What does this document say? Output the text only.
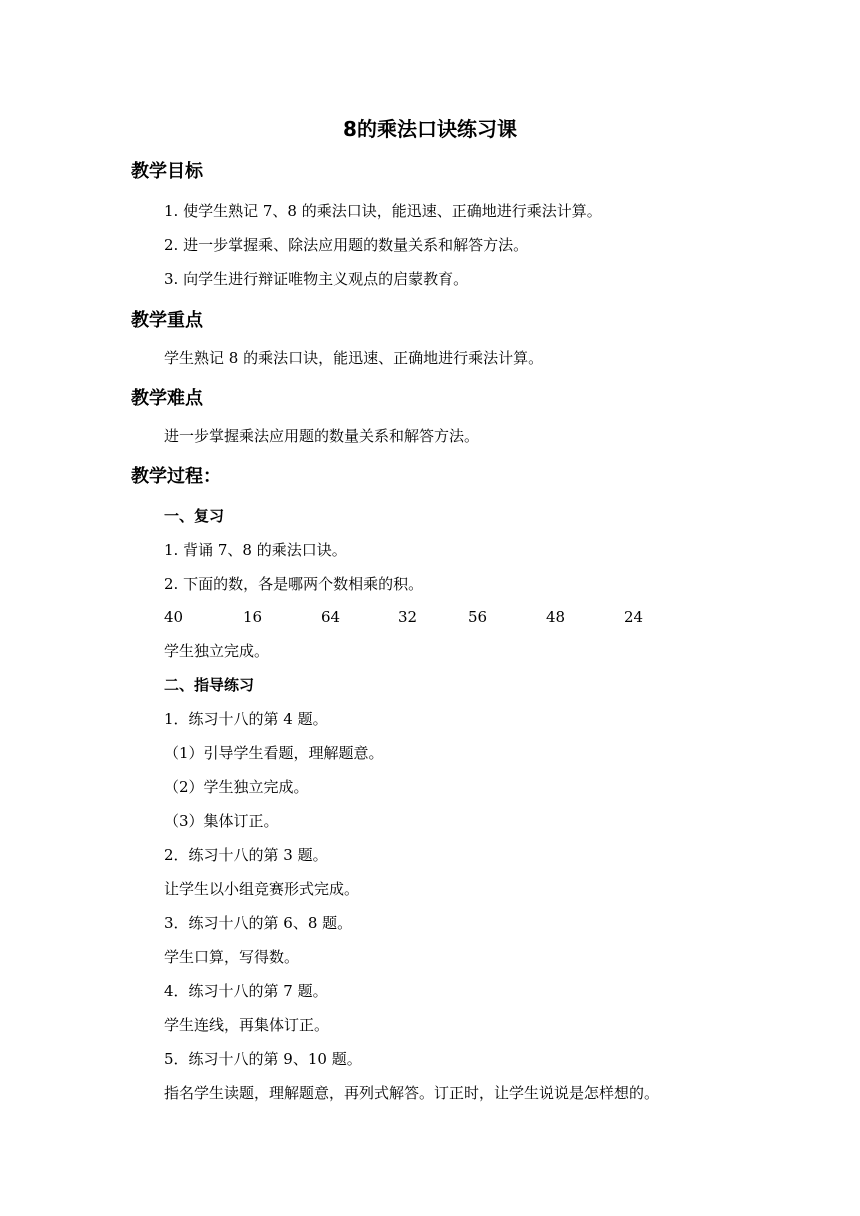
8的乘法口诀练习课
教学目标
1. 使学生熟记 7、8 的乘法口诀，能迅速、正确地进行乘法计算。
2. 进一步掌握乘、除法应用题的数量关系和解答方法。
3. 向学生进行辩证唯物主义观点的启蒙教育。
教学重点
学生熟记 8 的乘法口诀，能迅速、正确地进行乘法计算。
教学难点
进一步掌握乘法应用题的数量关系和解答方法。
教学过程：
一、复习
1. 背诵 7、8 的乘法口诀。
2. 下面的数，各是哪两个数相乘的积。
40	16	64	32	56	48	24
学生独立完成。
二、指导练习
1．练习十八的第 4 题。
（1）引导学生看题，理解题意。
（2）学生独立完成。
（3）集体订正。
2．练习十八的第 3 题。
让学生以小组竞赛形式完成。
3．练习十八的第 6、8 题。
学生口算，写得数。
4．练习十八的第 7 题。
学生连线，再集体订正。
5．练习十八的第 9、10 题。
指名学生读题，理解题意，再列式解答。订正时，让学生说说是怎样想的。
